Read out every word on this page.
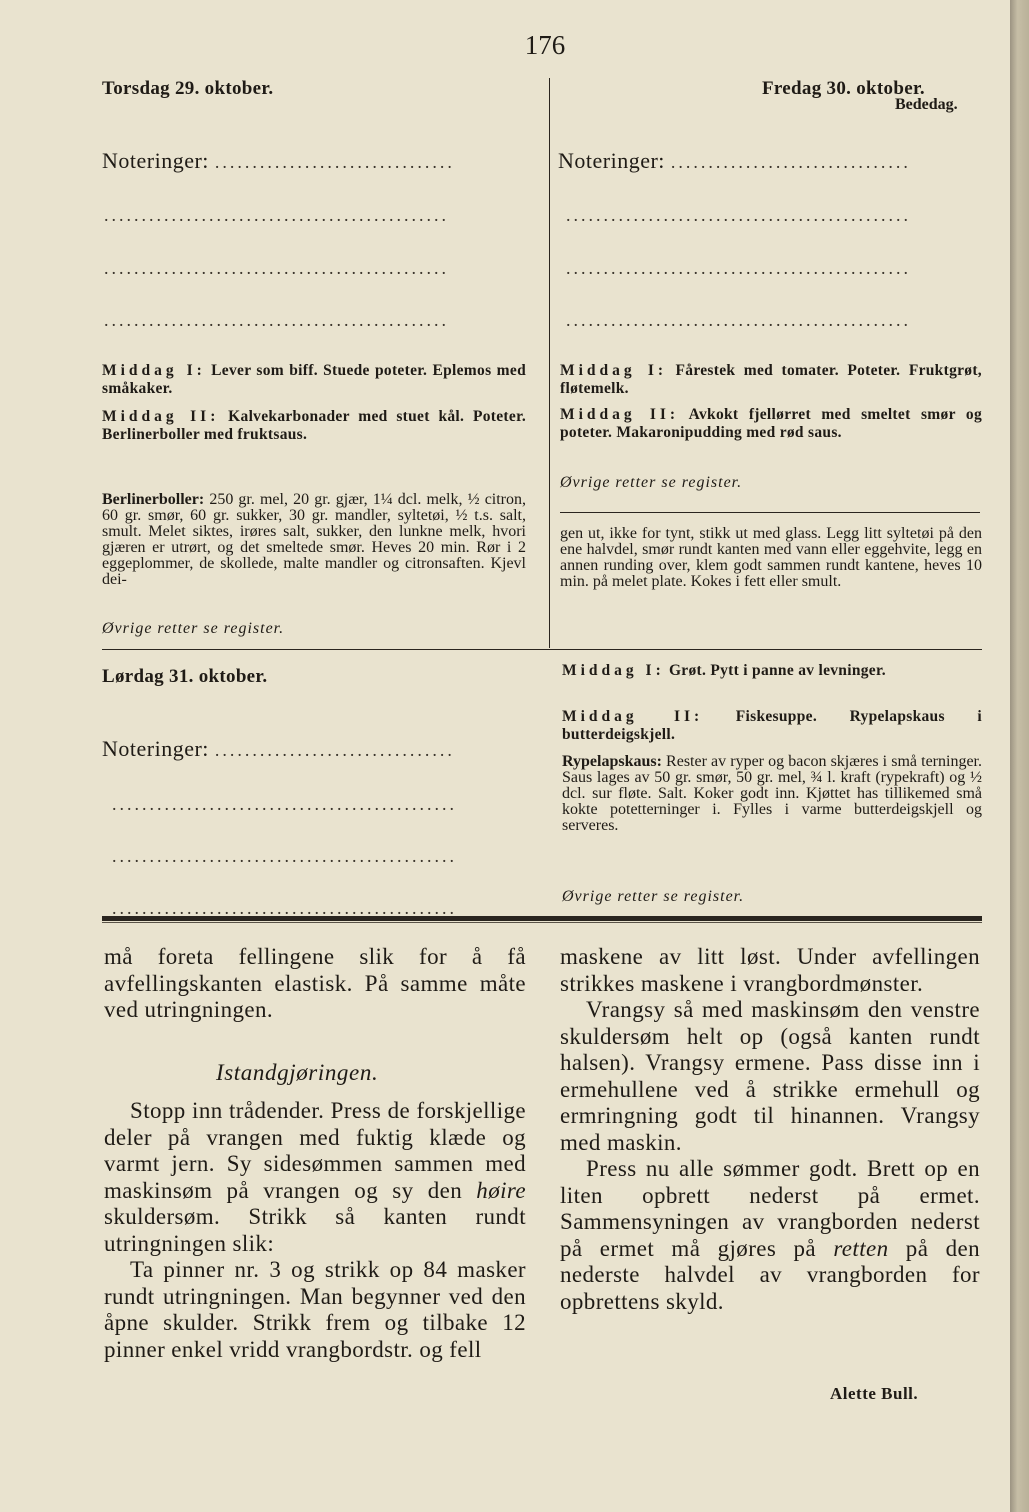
176
Torsdag 29. oktober.
Noteringer: ................................
..............................................
..............................................
..............................................
Middag I: Lever som biff. Stuede poteter. Eplemos med småkaker.
Middag II: Kalvekarbonader med stuet kål. Poteter. Berlinerboller med fruktsaus.
Berlinerboller: 250 gr. mel, 20 gr. gjær, 1¼ dcl. melk, ½ citron, 60 gr. smør, 60 gr. sukker, 30 gr. mandler, syltetøi, ½ t.s. salt, smult. Melet siktes, irøres salt, sukker, den lunkne melk, hvori gjæren er utrørt, og det smeltede smør. Heves 20 min. Rør i 2 eggeplommer, de skollede, malte mandler og citronsaften. Kjevl dei-
Øvrige retter se register.
Fredag 30. oktober.
Bededag.
Noteringer: ................................
..............................................
..............................................
..............................................
Middag I: Fårestek med tomater. Poteter. Fruktgrøt, fløtemelk.
Middag II: Avkokt fjellørret med smeltet smør og poteter. Makaronipudding med rød saus.
Øvrige retter se register.
gen ut, ikke for tynt, stikk ut med glass. Legg litt syltetøi på den ene halvdel, smør rundt kanten med vann eller eggehvite, legg en annen runding over, klem godt sammen rundt kantene, heves 10 min. på melet plate. Kokes i fett eller smult.
Lørdag 31. oktober.
Noteringer: ................................
..............................................
..............................................
..............................................
Middag I: Grøt. Pytt i panne av levninger.
Middag II: Fiskesuppe. Rypelapskaus i butterdeigskjell.
Rypelapskaus: Rester av ryper og bacon skjæres i små terninger. Saus lages av 50 gr. smør, 50 gr. mel, ¾ l. kraft (rypekraft) og ½ dcl. sur fløte. Salt. Koker godt inn. Kjøttet has tillikemed små kokte potetterninger i. Fylles i varme butterdeigskjell og serveres.
Øvrige retter se register.

må foreta fellingene slik for å få avfellingskanten elastisk. På samme måte ved utringningen.

Istandgjøringen.

Stopp inn trådender. Press de forskjellige deler på vrangen med fuktig klæde og varmt jern. Sy sidesømmen sammen med maskinsøm på vrangen og sy den høire skuldersøm. Strikk så kanten rundt utringningen slik:

Ta pinner nr. 3 og strikk op 84 masker rundt utringningen. Man begynner ved den åpne skulder. Strikk frem og tilbake 12 pinner enkel vridd vrangbordstr. og fell

maskene av litt løst. Under avfellingen strikkes maskene i vrangbordmønster.

Vrangsy så med maskinsøm den venstre skuldersøm helt op (også kanten rundt halsen). Vrangsy ermene. Pass disse inn i ermehullene ved å strikke ermehull og ermringning godt til hinannen. Vrangsy med maskin.

Press nu alle sømmer godt. Brett op en liten opbrett nederst på ermet. Sammensyningen av vrangborden nederst på ermet må gjøres på retten på den nederste halvdel av vrangborden for opbrettens skyld.

Alette Bull.
